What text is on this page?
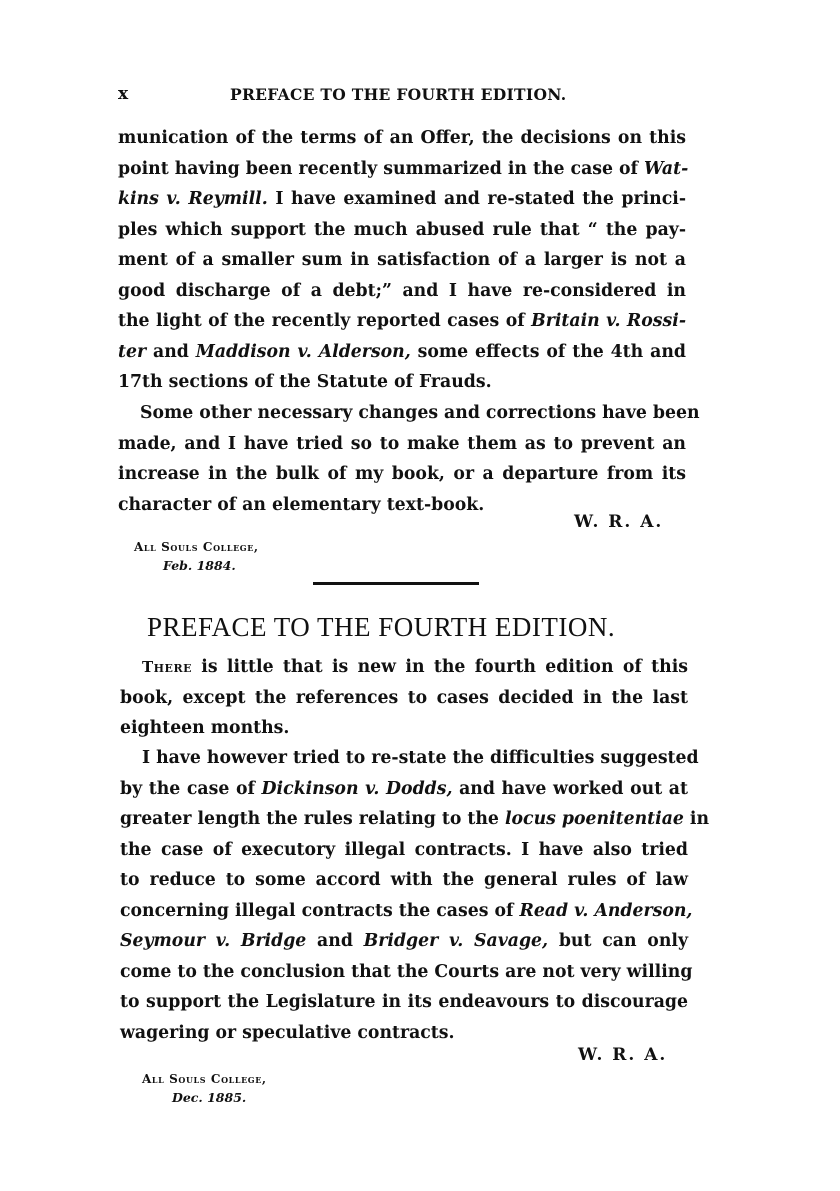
x	PREFACE TO THE FOURTH EDITION.
munication of the terms of an Offer, the decisions on this
point having been recently summarized in the case of Wat-
kins v. Reymill. I have examined and re-stated the princi-
ples which support the much abused rule that “ the pay-
ment of a smaller sum in satisfaction of a larger is not a
good discharge of a debt;” and I have re-considered in
the light of the recently reported cases of Britain v. Rossi-
ter and Maddison v. Alderson, some effects of the 4th and
17th sections of the Statute of Frauds.
Some other necessary changes and corrections have been
made, and I have tried so to make them as to prevent an
increase in the bulk of my book, or a departure from its
character of an elementary text-book.
W. R. A.
All Souls College,
Feb. 1884.
PREFACE TO THE FOURTH EDITION.
There is little that is new in the fourth edition of this
book, except the references to cases decided in the last
eighteen months.
I have however tried to re-state the difficulties suggested
by the case of Dickinson v. Dodds, and have worked out at
greater length the rules relating to the locus poenitentiae in
the case of executory illegal contracts. I have also tried
to reduce to some accord with the general rules of law
concerning illegal contracts the cases of Read v. Anderson,
Seymour v. Bridge and Bridger v. Savage, but can only
come to the conclusion that the Courts are not very willing
to support the Legislature in its endeavours to discourage
wagering or speculative contracts.
W. R. A.
All Souls College,
Dec. 1885.
